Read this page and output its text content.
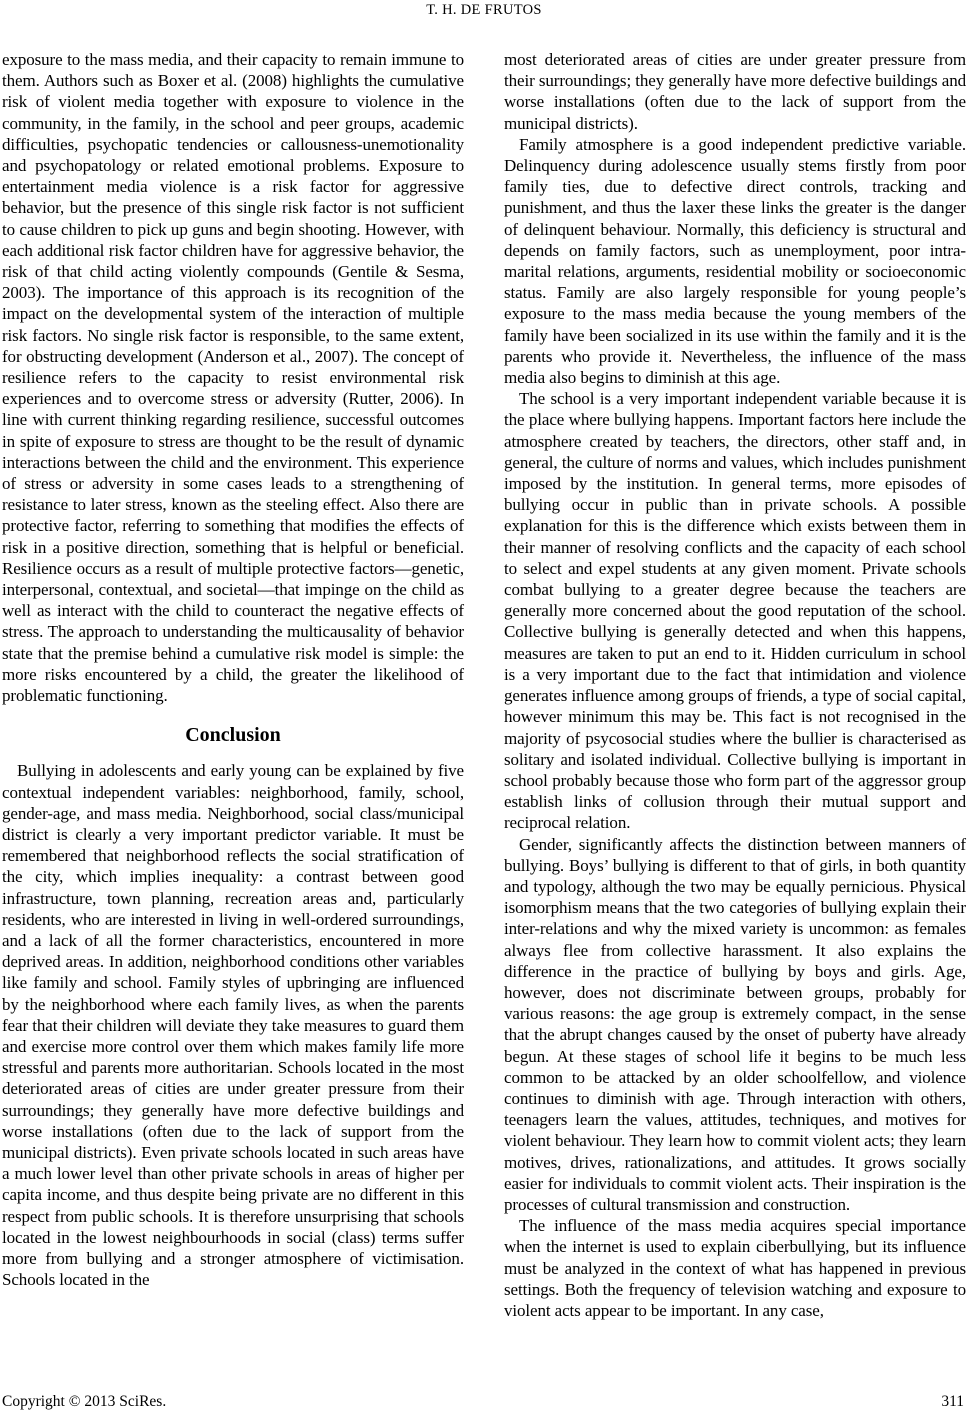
T. H. DE FRUTOS

exposure to the mass media, and their capacity to remain immune to them. Authors such as Boxer et al. (2008) highlights the cumulative risk of violent media together with exposure to violence in the community, in the family, in the school and peer groups, academic difficulties, psychopatic tendencies or callousness-unemotionality and psychopatology or related emotional problems. Exposure to entertainment media violence is a risk factor for aggressive behavior, but the presence of this single risk factor is not sufficient to cause children to pick up guns and begin shooting. However, with each additional risk factor children have for aggressive behavior, the risk of that child acting violently compounds (Gentile & Sesma, 2003). The importance of this approach is its recognition of the impact on the developmental system of the interaction of multiple risk factors. No single risk factor is responsible, to the same extent, for obstructing development (Anderson et al., 2007). The concept of resilience refers to the capacity to resist environmental risk experiences and to overcome stress or adversity (Rutter, 2006). In line with current thinking regarding resilience, successful outcomes in spite of exposure to stress are thought to be the result of dynamic interactions between the child and the environment. This experience of stress or adversity in some cases leads to a strengthening of resistance to later stress, known as the steeling effect. Also there are protective factor, referring to something that modifies the effects of risk in a positive direction, something that is helpful or beneficial. Resilience occurs as a result of multiple protective factors—genetic, interpersonal, contextual, and societal—that impinge on the child as well as interact with the child to counteract the negative effects of stress. The approach to understanding the multicausality of behavior state that the premise behind a cumulative risk model is simple: the more risks encountered by a child, the greater the likelihood of problematic functioning.

Conclusion

Bullying in adolescents and early young can be explained by five contextual independent variables: neighborhood, family, school, gender-age, and mass media. Neighborhood, social class/municipal district is clearly a very important predictor variable. It must be remembered that neighborhood reflects the social stratification of the city, which implies inequality: a contrast between good infrastructure, town planning, recreation areas and, particularly residents, who are interested in living in well-ordered surroundings, and a lack of all the former characteristics, encountered in more deprived areas. In addition, neighborhood conditions other variables like family and school. Family styles of upbringing are influenced by the neighborhood where each family lives, as when the parents fear that their children will deviate they take measures to guard them and exercise more control over them which makes family life more stressful and parents more authoritarian. Schools located in the most deteriorated areas of cities are under greater pressure from their surroundings; they generally have more defective buildings and worse installations (often due to the lack of support from the municipal districts). Even private schools located in such areas have a much lower level than other private schools in areas of higher per capita income, and thus despite being private are no different in this respect from public schools. It is therefore unsurprising that schools located in the lowest neighbourhoods in social (class) terms suffer more from bullying and a stronger atmosphere of victimisation. Schools located in the

most deteriorated areas of cities are under greater pressure from their surroundings; they generally have more defective buildings and worse installations (often due to the lack of support from the municipal districts).

Family atmosphere is a good independent predictive variable. Delinquency during adolescence usually stems firstly from poor family ties, due to defective direct controls, tracking and punishment, and thus the laxer these links the greater is the danger of delinquent behaviour. Normally, this deficiency is structural and depends on family factors, such as unemployment, poor intra-marital relations, arguments, residential mobility or socioeconomic status. Family are also largely responsible for young people’s exposure to the mass media because the young members of the family have been socialized in its use within the family and it is the parents who provide it. Nevertheless, the influence of the mass media also begins to diminish at this age.

The school is a very important independent variable because it is the place where bullying happens. Important factors here include the atmosphere created by teachers, the directors, other staff and, in general, the culture of norms and values, which includes punishment imposed by the institution. In general terms, more episodes of bullying occur in public than in private schools. A possible explanation for this is the difference which exists between them in their manner of resolving conflicts and the capacity of each school to select and expel students at any given moment. Private schools combat bullying to a greater degree because the teachers are generally more concerned about the good reputation of the school. Collective bullying is generally detected and when this happens, measures are taken to put an end to it. Hidden curriculum in school is a very important due to the fact that intimidation and violence generates influence among groups of friends, a type of social capital, however minimum this may be. This fact is not recognised in the majority of psycosocial studies where the bullier is characterised as solitary and isolated individual. Collective bullying is important in school probably because those who form part of the aggressor group establish links of collusion through their mutual support and reciprocal relation.

Gender, significantly affects the distinction between manners of bullying. Boys’ bullying is different to that of girls, in both quantity and typology, although the two may be equally pernicious. Physical isomorphism means that the two categories of bullying explain their inter-relations and why the mixed variety is uncommon: as females always flee from collective harassment. It also explains the difference in the practice of bullying by boys and girls. Age, however, does not discriminate between groups, probably for various reasons: the age group is extremely compact, in the sense that the abrupt changes caused by the onset of puberty have already begun. At these stages of school life it begins to be much less common to be attacked by an older schoolfellow, and violence continues to diminish with age. Through interaction with others, teenagers learn the values, attitudes, techniques, and motives for violent behaviour. They learn how to commit violent acts; they learn motives, drives, rationalizations, and attitudes. It grows socially easier for individuals to commit violent acts. Their inspiration is the processes of cultural transmission and construction.

The influence of the mass media acquires special importance when the internet is used to explain ciberbullying, but its influence must be analyzed in the context of what has happened in previous settings. Both the frequency of television watching and exposure to violent acts appear to be important. In any case,

Copyright © 2013 SciRes.	311
